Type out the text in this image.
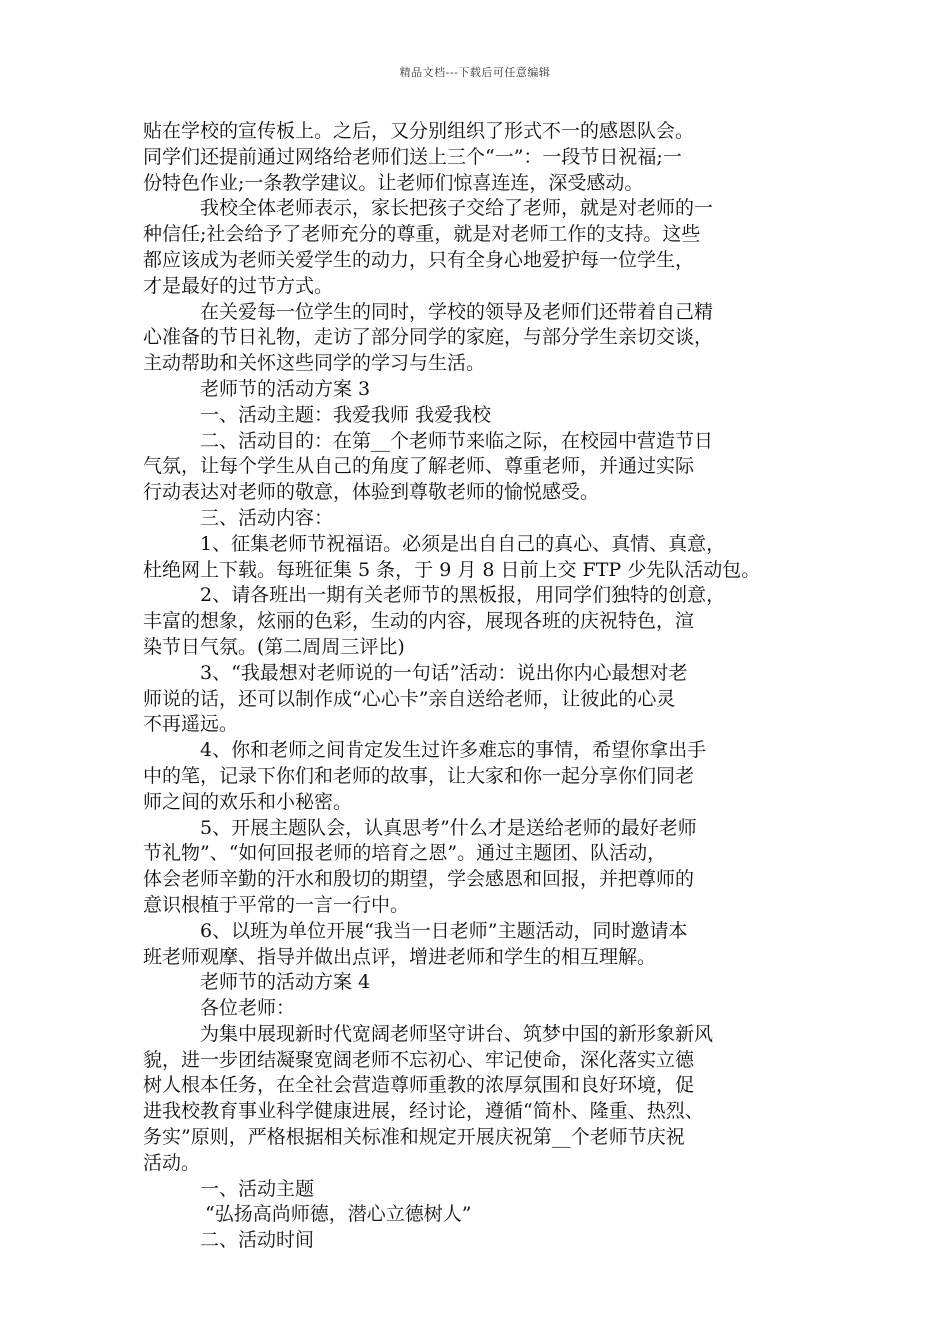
精品文档---下载后可任意编辑
贴在学校的宣传板上。之后，又分别组织了形式不一的感恩队会。
同学们还提前通过网络给老师们送上三个“一”：一段节日祝福;一
份特色作业;一条教学建议。让老师们惊喜连连，深受感动。
我校全体老师表示，家长把孩子交给了老师，就是对老师的一
种信任;社会给予了老师充分的尊重，就是对老师工作的支持。这些
都应该成为老师关爱学生的动力，只有全身心地爱护每一位学生，
才是最好的过节方式。
在关爱每一位学生的同时，学校的领导及老师们还带着自己精
心准备的节日礼物，走访了部分同学的家庭，与部分学生亲切交谈，
主动帮助和关怀这些同学的学习与生活。
老师节的活动方案 3
一、活动主题：我爱我师 我爱我校
二、活动目的：在第__个老师节来临之际，在校园中营造节日
气氛，让每个学生从自己的角度了解老师、尊重老师，并通过实际
行动表达对老师的敬意，体验到尊敬老师的愉悦感受。
三、活动内容：
1、征集老师节祝福语。必须是出自自己的真心、真情、真意，
杜绝网上下载。每班征集 5 条，于 9 月 8 日前上交 FTP 少先队活动包。
2、请各班出一期有关老师节的黑板报，用同学们独特的创意，
丰富的想象，炫丽的色彩，生动的内容，展现各班的庆祝特色，渲
染节日气氛。(第二周周三评比)
3、“我最想对老师说的一句话”活动：说出你内心最想对老
师说的话，还可以制作成“心心卡”亲自送给老师，让彼此的心灵
不再遥远。
4、你和老师之间肯定发生过许多难忘的事情，希望你拿出手
中的笔，记录下你们和老师的故事，让大家和你一起分享你们同老
师之间的欢乐和小秘密。
5、开展主题队会，认真思考”什么才是送给老师的最好老师
节礼物”、“如何回报老师的培育之恩”。通过主题团、队活动，
体会老师辛勤的汗水和殷切的期望，学会感恩和回报，并把尊师的
意识根植于平常的一言一行中。
6、以班为单位开展“我当一日老师”主题活动，同时邀请本
班老师观摩、指导并做出点评，增进老师和学生的相互理解。
老师节的活动方案 4
各位老师：
为集中展现新时代宽阔老师坚守讲台、筑梦中国的新形象新风
貌，进一步团结凝聚宽阔老师不忘初心、牢记使命，深化落实立德
树人根本任务，在全社会营造尊师重教的浓厚氛围和良好环境，促
进我校教育事业科学健康进展，经讨论，遵循“简朴、隆重、热烈、
务实”原则，严格根据相关标准和规定开展庆祝第__个老师节庆祝
活动。
一、活动主题
“弘扬高尚师德，潜心立德树人”
二、活动时间
